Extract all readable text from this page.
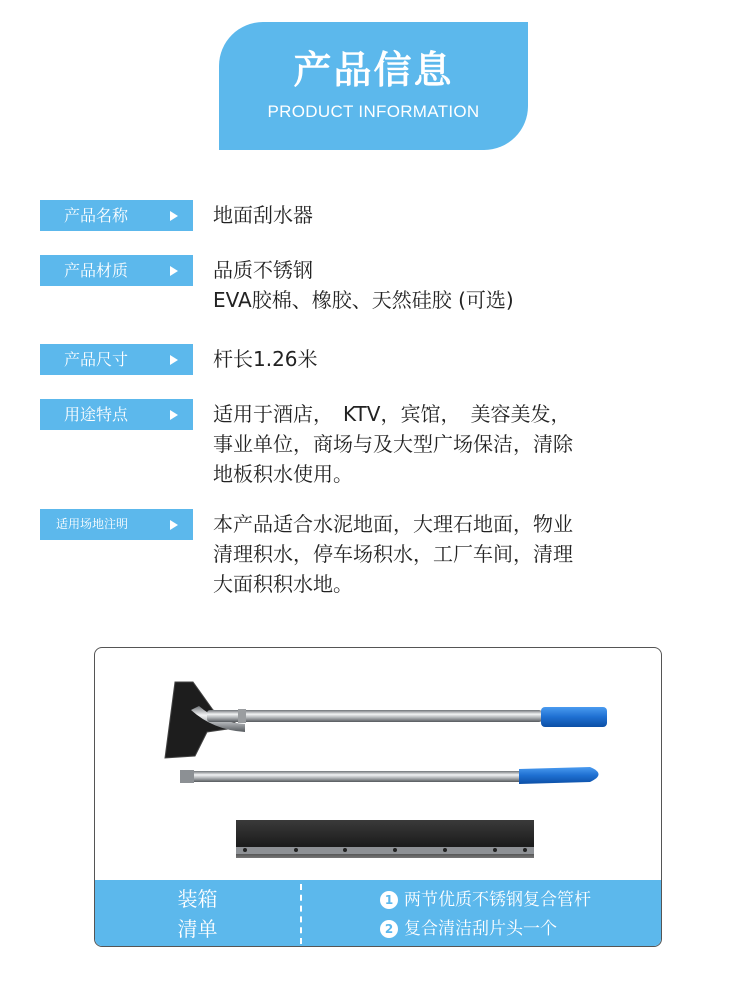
产品信息
PRODUCT INFORMATION
产品名称	地面刮水器
产品材质	品质不锈钢
EVA胶棉、橡胶、天然硅胶 (可选)
产品尺寸	杆长1.26米
用途特点	适用于酒店，　KTV，宾馆，　美容美发，
事业单位，商场与及大型广场保洁，清除
地板积水使用。
适用场地注明	本产品适合水泥地面，大理石地面，物业
清理积水，停车场积水，工厂车间，清理
大面积积水地。
装箱
清单
1 两节优质不锈钢复合管杆
2 复合清洁刮片头一个
